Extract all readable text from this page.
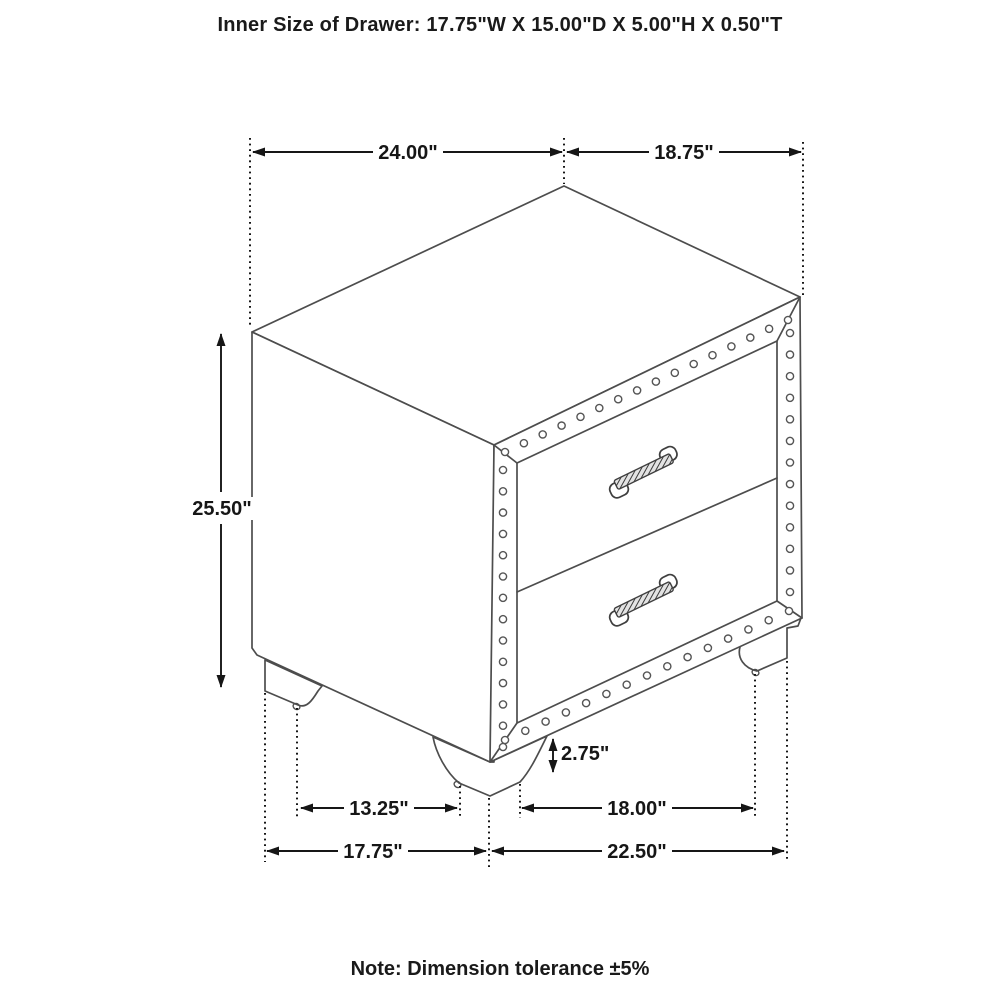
Inner Size of Drawer: 17.75"W X 15.00"D X 5.00"H X 0.50"T
24.00"	18.75"
25.50"
2.75"
13.25"	18.00"
17.75"	22.50"
Note: Dimension tolerance ±5%
